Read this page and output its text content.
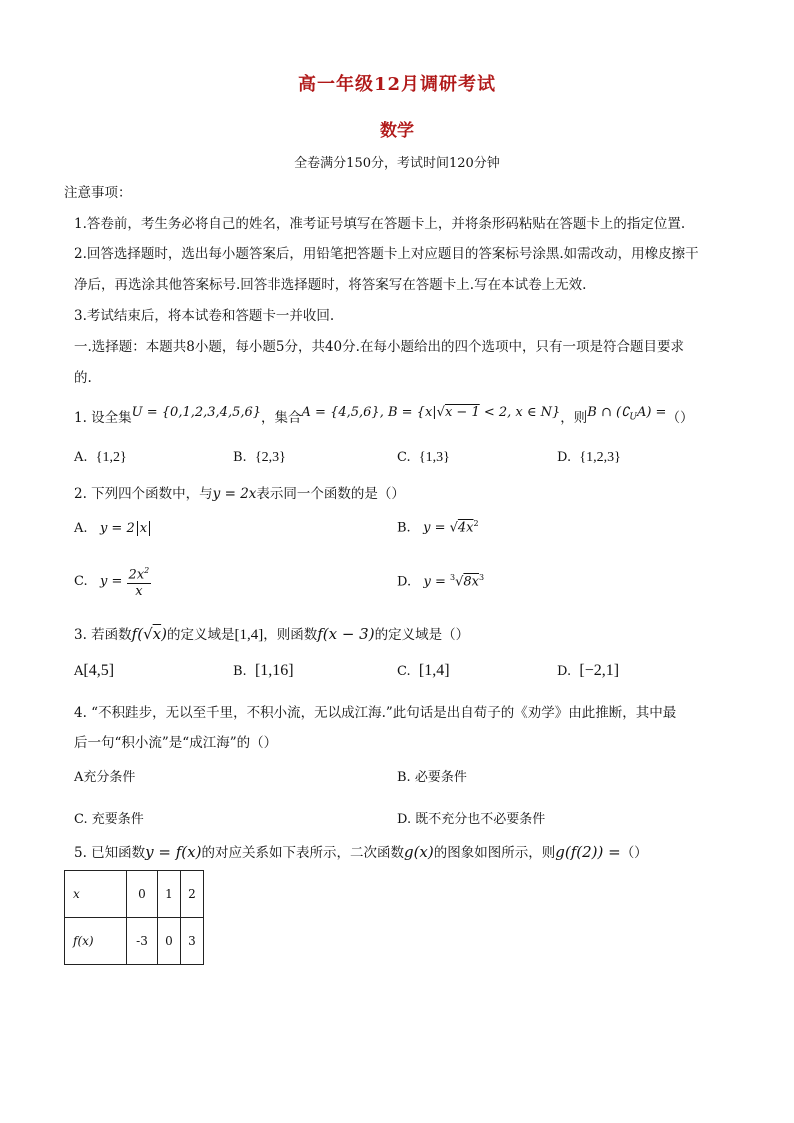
高一年级12月调研考试
数学
全卷满分150分，考试时间120分钟
注意事项：
1.答卷前，考生务必将自己的姓名，准考证号填写在答题卡上，并将条形码粘贴在答题卡上的指定位置.
2.回答选择题时，选出每小题答案后，用铅笔把答题卡上对应题目的答案标号涂黑.如需改动，用橡皮擦干
净后，再选涂其他答案标号.回答非选择题时，将答案写在答题卡上.写在本试卷上无效.
3.考试结束后，将本试卷和答题卡一并收回.
一.选择题：本题共8小题，每小题5分，共40分.在每小题给出的四个选项中，只有一项是符合题目要求
的.
1. 设全集U = {0,1,2,3,4,5,6}，集合A = {4,5,6}, B = {x|√x − 1 < 2, x ∈ N}，则B ∩ $(∁_UA)$ =（）
A. {1,2}	B. {2,3}	C. {1,3}	D. {1,2,3}
2. 下列四个函数中，与y = 2x表示同一个函数的是（）
A. y = 2 x	B. $y = √4x^2$
C. $y = \frac{2x^2}{x}$	D. $y = ^3√8x^3$
3. 若函数f(√x)的定义域是[1,4]，则函数f(x − 3)的定义域是（）
A[4,5]	B. [1,16]	C. [1,4]	D. [−2,1]
4. “不积跬步，无以至千里，不积小流，无以成江海.”此句话是出自荀子的《劝学》由此推断，其中最
后一句“积小流”是“成江海”的（）
A充分条件	B. 必要条件
C. 充要条件	D. 既不充分也不必要条件
5. 已知函数y = f(x)的对应关系如下表所示，二次函数g(x)的图象如图所示，则g(f(2)) =（）
x	0	1	2
f(x)	-3	0	3
